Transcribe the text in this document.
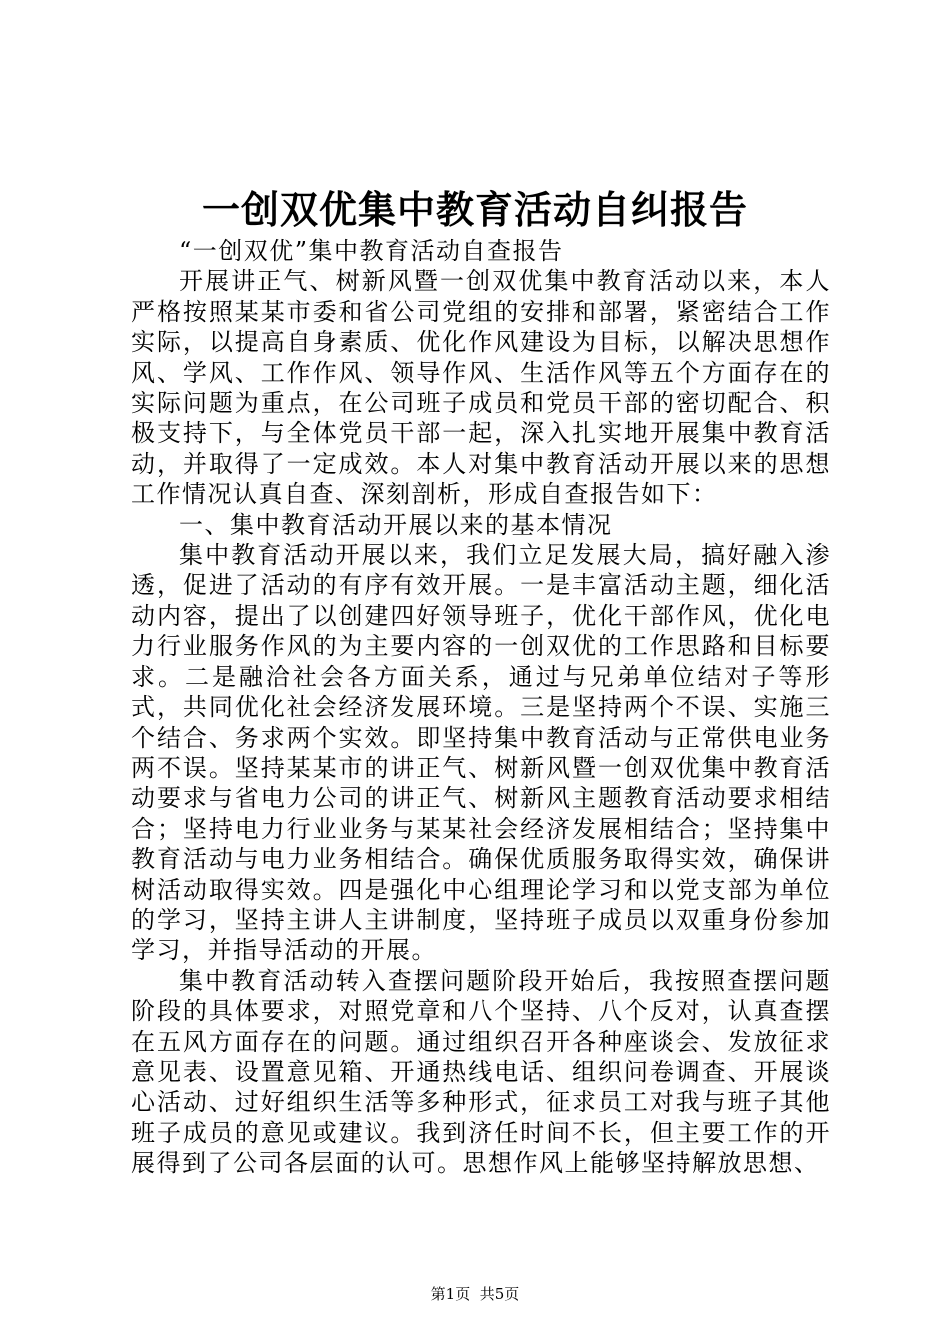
一创双优集中教育活动自纠报告

“一创双优”集中教育活动自查报告

开展讲正气、树新风暨一创双优集中教育活动以来，本人严格按照某某市委和省公司党组的安排和部署，紧密结合工作实际，以提高自身素质、优化作风建设为目标，以解决思想作风、学风、工作作风、领导作风、生活作风等五个方面存在的实际问题为重点，在公司班子成员和党员干部的密切配合、积极支持下，与全体党员干部一起，深入扎实地开展集中教育活动，并取得了一定成效。本人对集中教育活动开展以来的思想工作情况认真自查、深刻剖析，形成自查报告如下：

一、集中教育活动开展以来的基本情况

集中教育活动开展以来，我们立足发展大局，搞好融入渗透，促进了活动的有序有效开展。一是丰富活动主题，细化活动内容，提出了以创建四好领导班子，优化干部作风，优化电力行业服务作风的为主要内容的一创双优的工作思路和目标要求。二是融洽社会各方面关系，通过与兄弟单位结对子等形式，共同优化社会经济发展环境。三是坚持两个不误、实施三个结合、务求两个实效。即坚持集中教育活动与正常供电业务两不误。坚持某某市的讲正气、树新风暨一创双优集中教育活动要求与省电力公司的讲正气、树新风主题教育活动要求相结合；坚持电力行业业务与某某社会经济发展相结合；坚持集中教育活动与电力业务相结合。确保优质服务取得实效，确保讲树活动取得实效。四是强化中心组理论学习和以党支部为单位的学习，坚持主讲人主讲制度，坚持班子成员以双重身份参加学习，并指导活动的开展。

集中教育活动转入查摆问题阶段开始后，我按照查摆问题阶段的具体要求，对照党章和八个坚持、八个反对，认真查摆在五风方面存在的问题。通过组织召开各种座谈会、发放征求意见表、设置意见箱、开通热线电话、组织问卷调查、开展谈心活动、过好组织生活等多种形式，征求员工对我与班子其他班子成员的意见或建议。我到济任时间不长，但主要工作的开展得到了公司各层面的认可。思想作风上能够坚持解放思想、

第1页 共5页
